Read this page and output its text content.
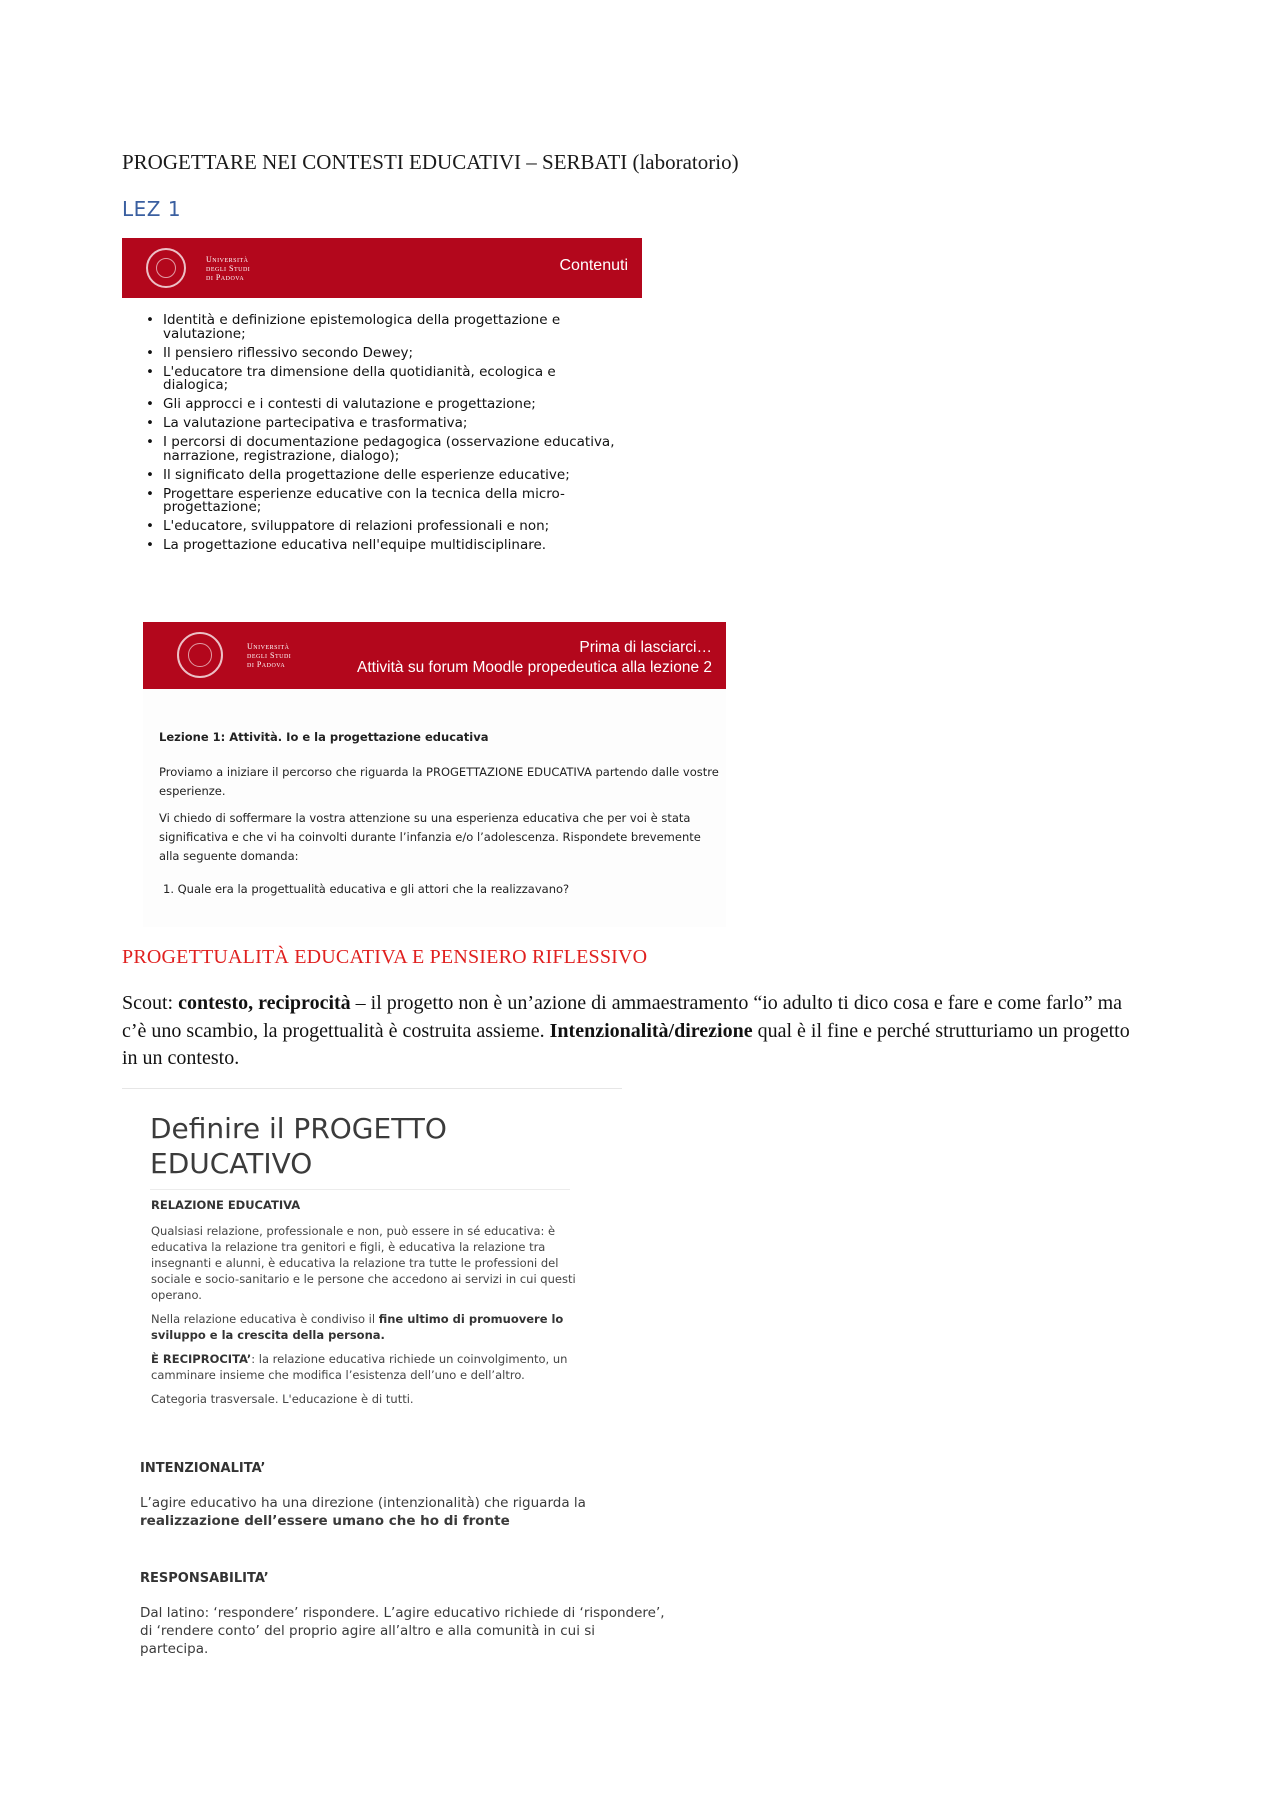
PROGETTARE NEI CONTESTI EDUCATIVI – SERBATI (laboratorio)
LEZ 1
Università
degli Studi
di Padova
Contenuti
• Identità e definizione epistemologica della progettazione e valutazione;
• Il pensiero riflessivo secondo Dewey;
• L'educatore tra dimensione della quotidianità, ecologica e dialogica;
• Gli approcci e i contesti di valutazione e progettazione;
• La valutazione partecipativa e trasformativa;
• I percorsi di documentazione pedagogica (osservazione educativa, narrazione, registrazione, dialogo);
• Il significato della progettazione delle esperienze educative;
• Progettare esperienze educative con la tecnica della micro-progettazione;
• L'educatore, sviluppatore di relazioni professionali e non;
• La progettazione educativa nell'equipe multidisciplinare.
Università
degli Studi
di Padova
Prima di lasciarci…
Attività su forum Moodle propedeutica alla lezione 2

Lezione 1: Attività. Io e la progettazione educativa

Proviamo a iniziare il percorso che riguarda la PROGETTAZIONE EDUCATIVA partendo dalle vostre esperienze.

Vi chiedo di soffermare la vostra attenzione su una esperienza educativa che per voi è stata significativa e che vi ha coinvolti durante l’infanzia e/o l’adolescenza. Rispondete brevemente alla seguente domanda:

1. Quale era la progettualità educativa e gli attori che la realizzavano?

PROGETTUALITÀ EDUCATIVA E PENSIERO RIFLESSIVO
Scout: contesto, reciprocità – il progetto non è un’azione di ammaestramento “io adulto ti dico cosa e fare e come farlo” ma c’è uno scambio, la progettualità è costruita assieme. Intenzionalità/direzione qual è il fine e perché strutturiamo un progetto in un contesto.
Definire il PROGETTO
EDUCATIVO

RELAZIONE EDUCATIVA

Qualsiasi relazione, professionale e non, può essere in sé educativa: è educativa la relazione tra genitori e figli, è educativa la relazione tra insegnanti e alunni, è educativa la relazione tra tutte le professioni del sociale e socio-sanitario e le persone che accedono ai servizi in cui questi operano.

Nella relazione educativa è condiviso il fine ultimo di promuovere lo sviluppo e la crescita della persona.

È RECIPROCITA’: la relazione educativa richiede un coinvolgimento, un camminare insieme che modifica l’esistenza dell’uno e dell’altro.

Categoria trasversale. L'educazione è di tutti.

INTENZIONALITA’

L’agire educativo ha una direzione (intenzionalità) che riguarda la realizzazione dell’essere umano che ho di fronte

RESPONSABILITA’

Dal latino: ‘respondere’ rispondere. L’agire educativo richiede di ‘rispondere’, di ‘rendere conto’ del proprio agire all’altro e alla comunità in cui si partecipa.
